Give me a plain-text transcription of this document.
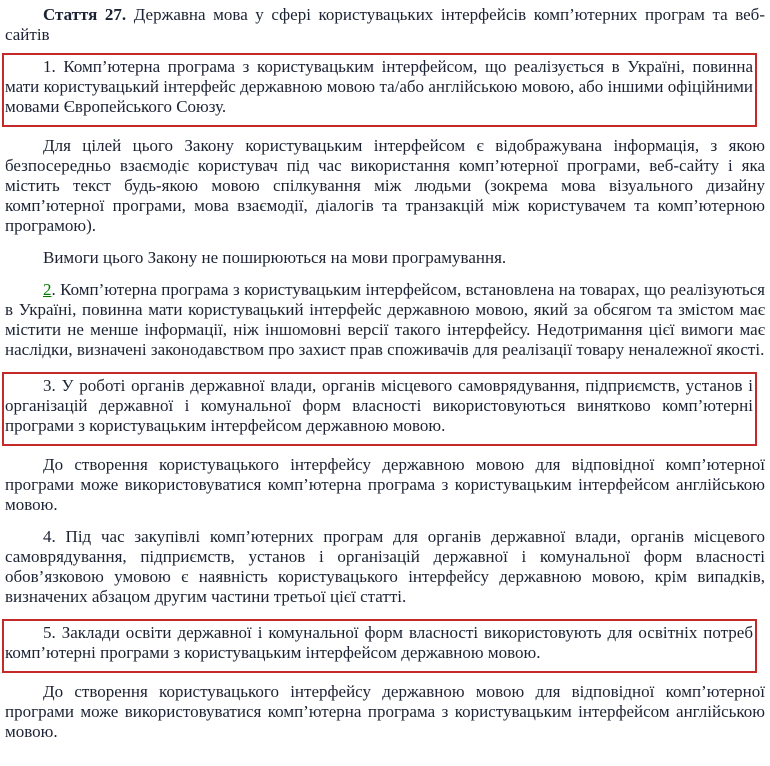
Стаття 27. Державна мова у сфері користувацьких інтерфейсів комп’ютерних програм та веб-сайтів

1. Комп’ютерна програма з користувацьким інтерфейсом, що реалізується в Україні, повинна мати користувацький інтерфейс державною мовою та/або англійською мовою, або іншими офіційними мовами Європейського Союзу.

Для цілей цього Закону користувацьким інтерфейсом є відображувана інформація, з якою безпосередньо взаємодіє користувач під час використання комп’ютерної програми, веб-сайту і яка містить текст будь-якою мовою спілкування між людьми (зокрема мова візуального дизайну комп’ютерної програми, мова взаємодії, діалогів та транзакцій між користувачем та комп’ютерною програмою).

Вимоги цього Закону не поширюються на мови програмування.

2. Комп’ютерна програма з користувацьким інтерфейсом, встановлена на товарах, що реалізуються в Україні, повинна мати користувацький інтерфейс державною мовою, який за обсягом та змістом має містити не менше інформації, ніж іншомовні версії такого інтерфейсу. Недотримання цієї вимоги має наслідки, визначені законодавством про захист прав споживачів для реалізації товару неналежної якості.

3. У роботі органів державної влади, органів місцевого самоврядування, підприємств, установ і організацій державної і комунальної форм власності використовуються винятково комп’ютерні програми з користувацьким інтерфейсом державною мовою.

До створення користувацького інтерфейсу державною мовою для відповідної комп’ютерної програми може використовуватися комп’ютерна програма з користувацьким інтерфейсом англійською мовою.

4. Під час закупівлі комп’ютерних програм для органів державної влади, органів місцевого самоврядування, підприємств, установ і організацій державної і комунальної форм власності обов’язковою умовою є наявність користувацького інтерфейсу державною мовою, крім випадків, визначених абзацом другим частини третьої цієї статті.

5. Заклади освіти державної і комунальної форм власності використовують для освітніх потреб комп’ютерні програми з користувацьким інтерфейсом державною мовою.

До створення користувацького інтерфейсу державною мовою для відповідної комп’ютерної програми може використовуватися комп’ютерна програма з користувацьким інтерфейсом англійською мовою.
